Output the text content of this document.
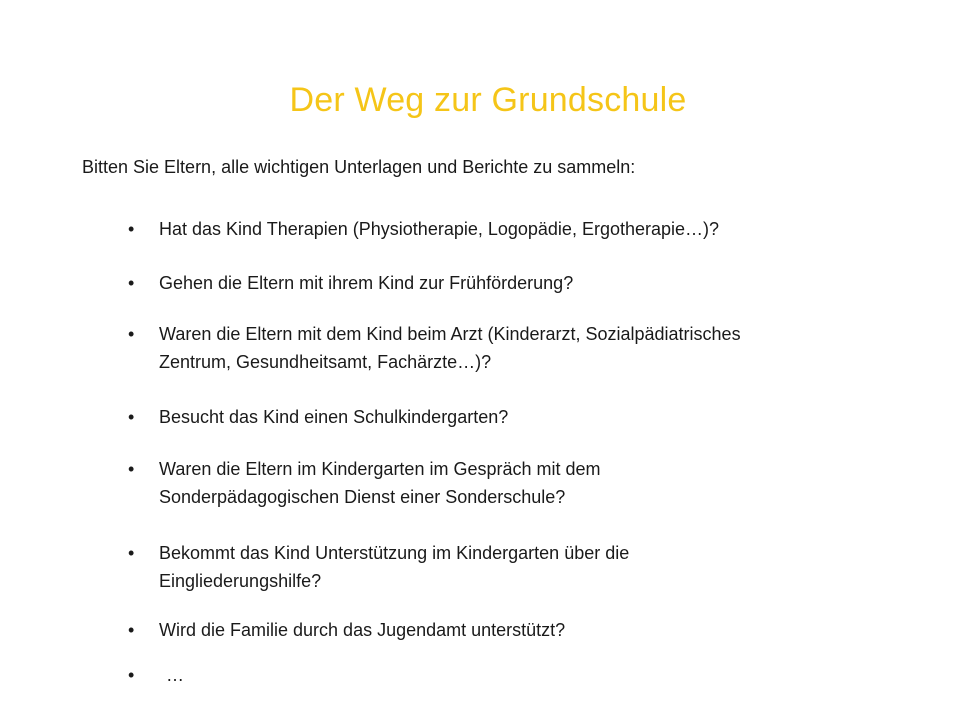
Der Weg zur Grundschule
Bitten Sie Eltern, alle wichtigen Unterlagen und Berichte zu sammeln:
• Hat das Kind Therapien (Physiotherapie, Logopädie, Ergotherapie…)?
• Gehen die Eltern mit ihrem Kind zur Frühförderung?
• Waren die Eltern mit dem Kind beim Arzt (Kinderarzt, Sozialpädiatrisches
Zentrum, Gesundheitsamt, Fachärzte…)?
• Besucht das Kind einen Schulkindergarten?
• Waren die Eltern im Kindergarten im Gespräch mit dem
Sonderpädagogischen Dienst einer Sonderschule?
• Bekommt das Kind Unterstützung im Kindergarten über die
Eingliederungshilfe?
• Wird die Familie durch das Jugendamt unterstützt?
• …
